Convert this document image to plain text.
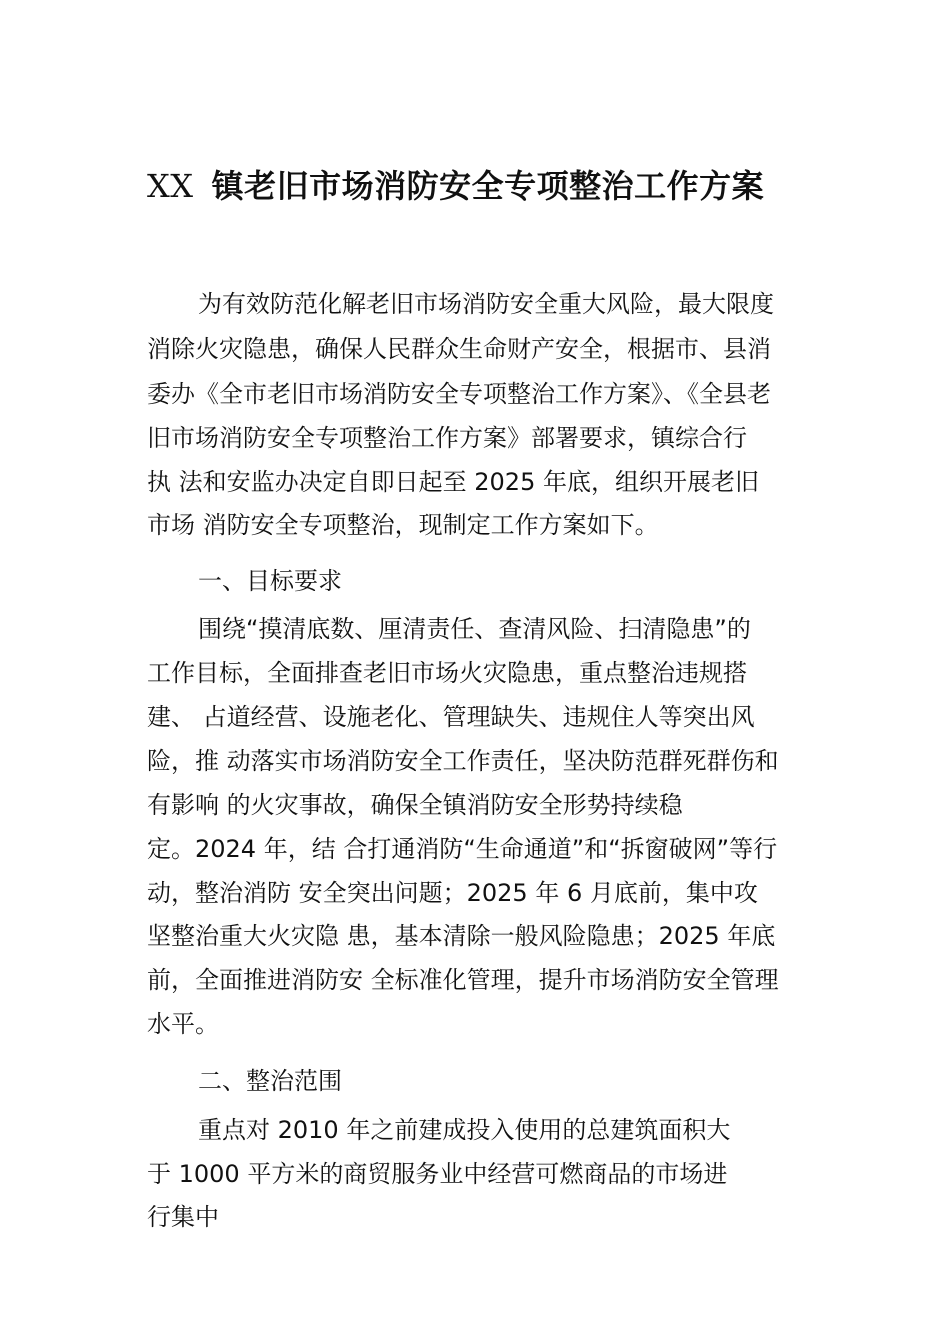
XX 镇老旧市场消防安全专项整治工作方案
为有效防范化解老旧市场消防安全重大风险，最大限度
消除火灾隐患，确保人民群众生命财产安全，根据市、县消
委办《全市老旧市场消防安全专项整治工作方案》、《全县老
旧市场消防安全专项整治工作方案》部署要求，镇综合行
执 法和安监办决定自即日起至 2025 年底，组织开展老旧
市场 消防安全专项整治，现制定工作方案如下。
一、目标要求
围绕“摸清底数、厘清责任、查清风险、扫清隐患”的
工作目标，全面排查老旧市场火灾隐患，重点整治违规搭
建、 占道经营、设施老化、管理缺失、违规住人等突出风
险，推 动落实市场消防安全工作责任，坚决防范群死群伤和
有影响 的火灾事故，确保全镇消防安全形势持续稳
定。2024 年，结 合打通消防“生命通道”和“拆窗破网”等行
动，整治消防 安全突出问题；2025 年 6 月底前，集中攻
坚整治重大火灾隐 患，基本清除一般风险隐患；2025 年底
前，全面推进消防安 全标准化管理，提升市场消防安全管理
水平。
二、整治范围
重点对 2010 年之前建成投入使用的总建筑面积大
于 1000 平方米的商贸服务业中经营可燃商品的市场进
行集中
